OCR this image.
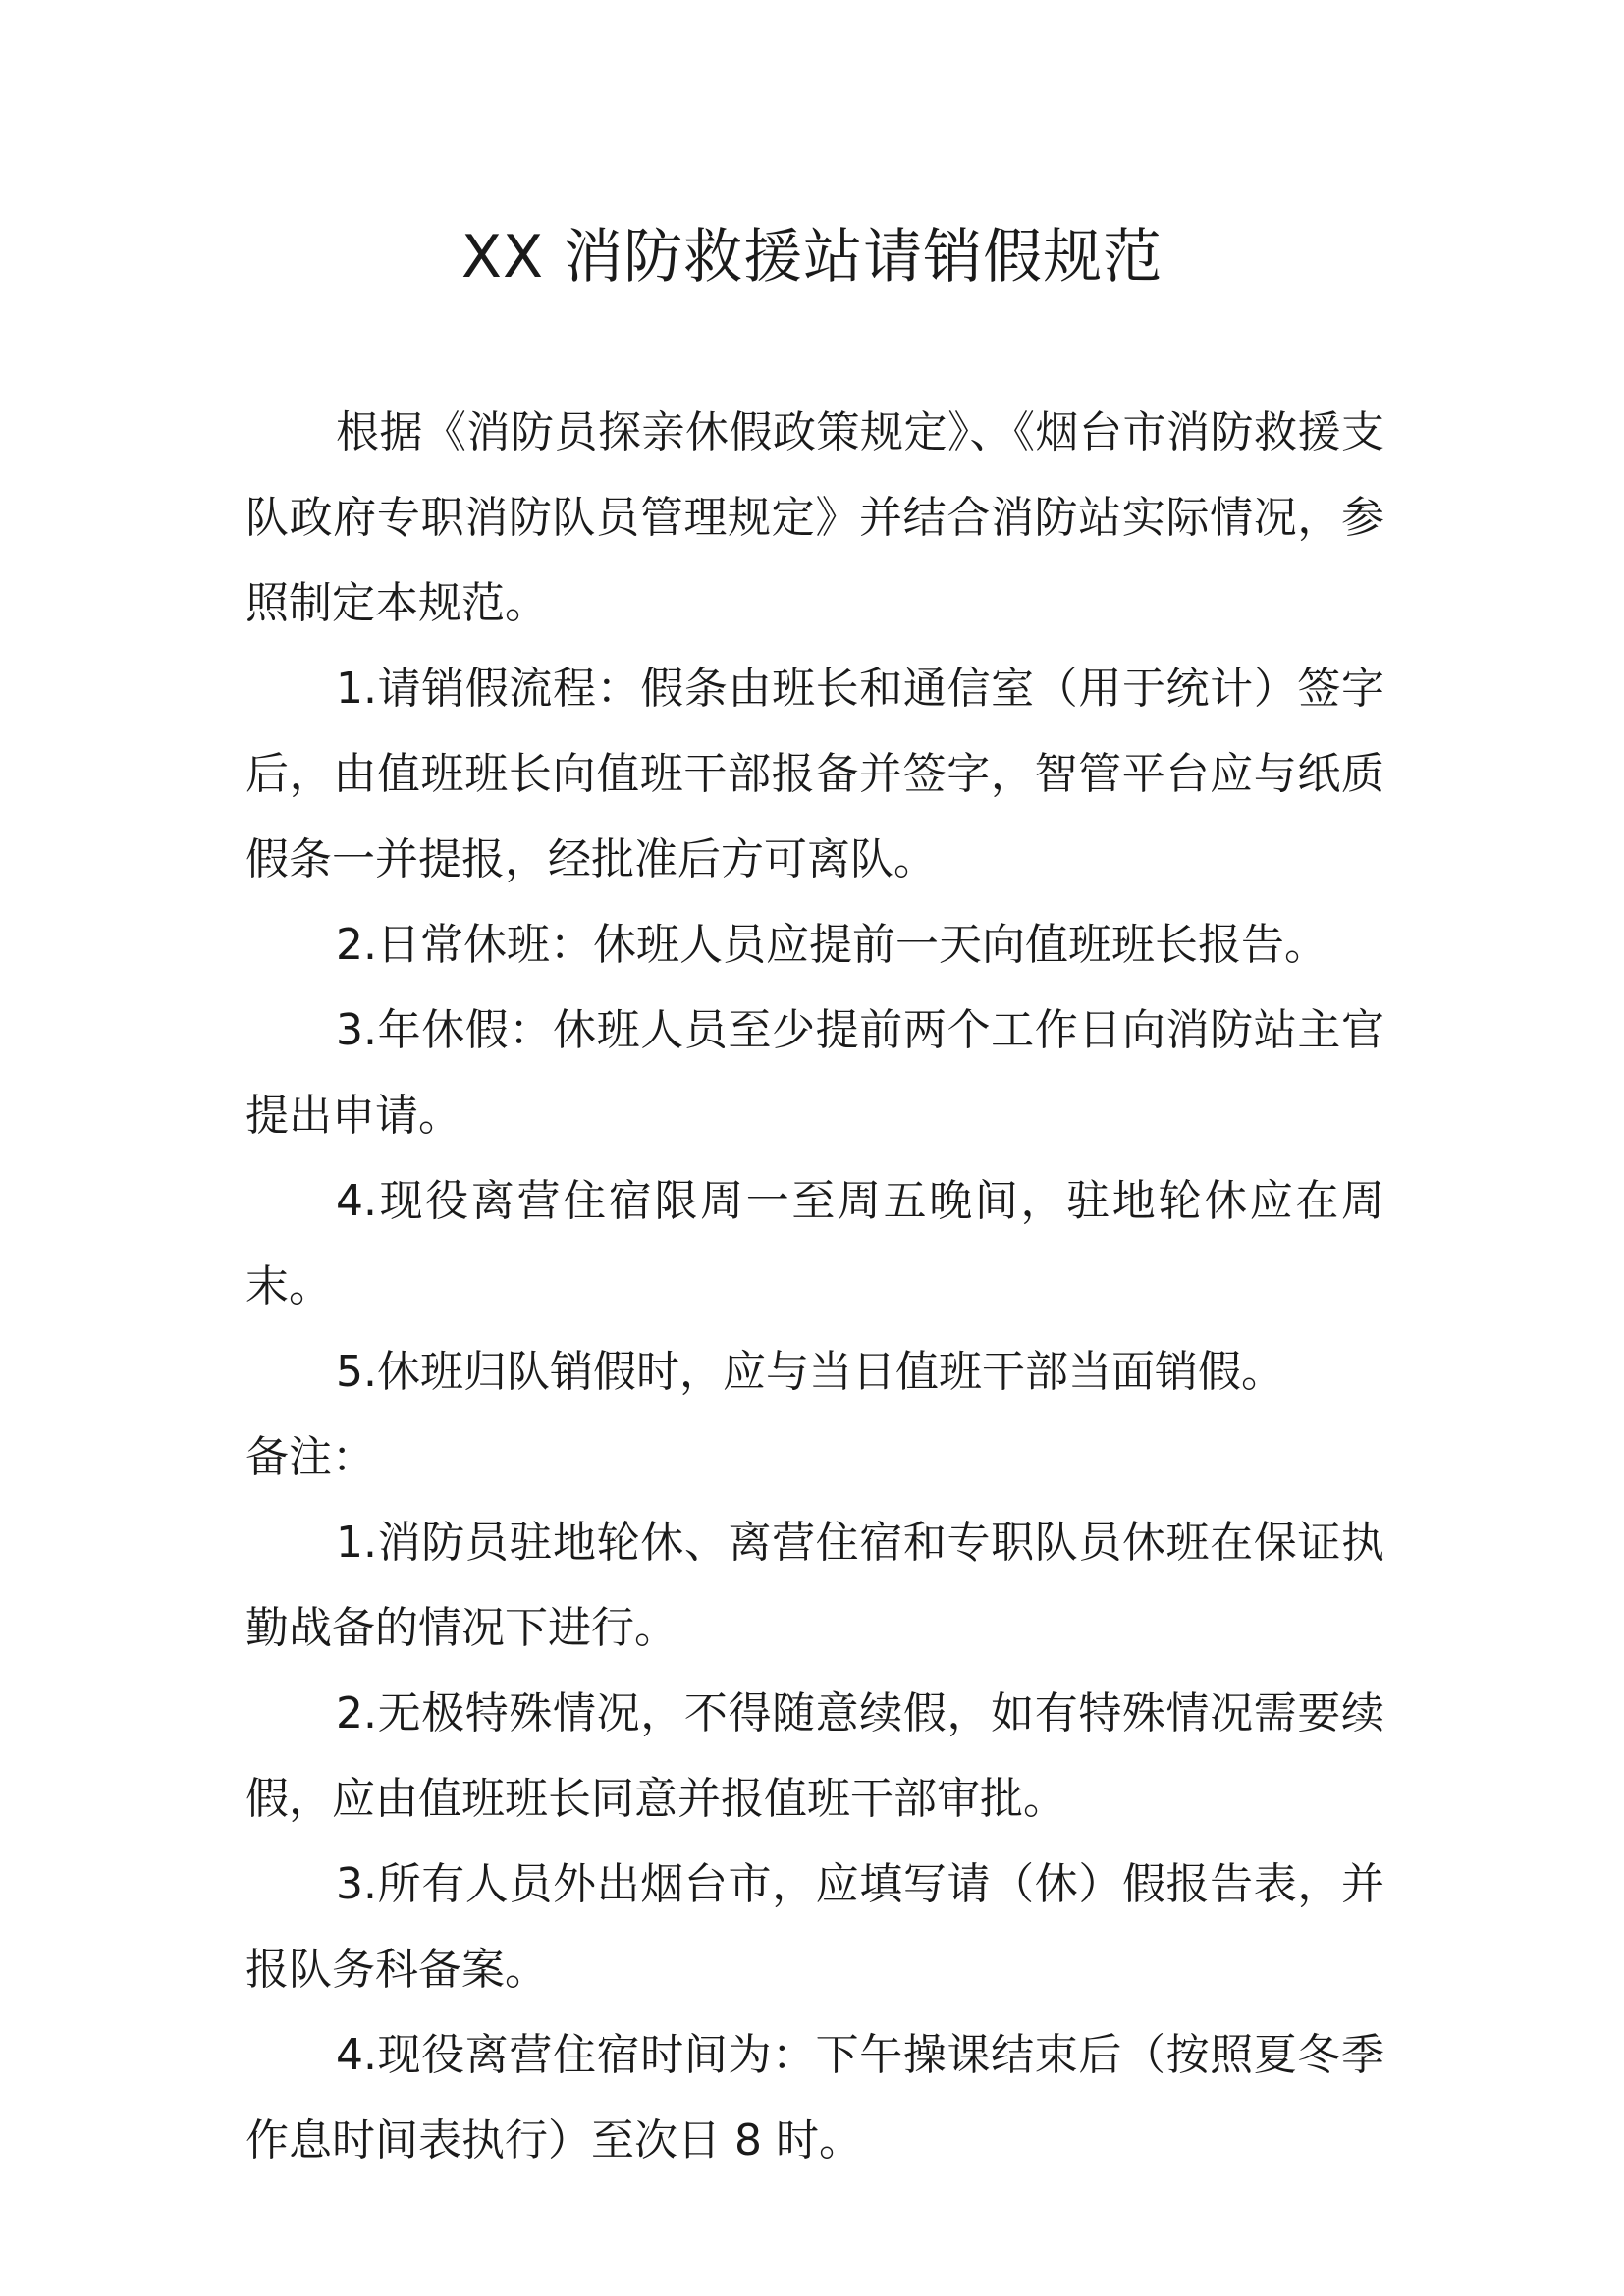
XX 消防救援站请销假规范

根据《消防员探亲休假政策规定》、《烟台市消防救援支队政府专职消防队员管理规定》并结合消防站实际情况，参照制定本规范。

1.请销假流程：假条由班长和通信室（用于统计）签字后，由值班班长向值班干部报备并签字，智管平台应与纸质假条一并提报，经批准后方可离队。

2.日常休班：休班人员应提前一天向值班班长报告。

3.年休假：休班人员至少提前两个工作日向消防站主官提出申请。

4.现役离营住宿限周一至周五晚间，驻地轮休应在周末。

5.休班归队销假时，应与当日值班干部当面销假。

备注：

1.消防员驻地轮休、离营住宿和专职队员休班在保证执勤战备的情况下进行。

2.无极特殊情况，不得随意续假，如有特殊情况需要续假，应由值班班长同意并报值班干部审批。

3.所有人员外出烟台市，应填写请（休）假报告表，并报队务科备案。

4.现役离营住宿时间为：下午操课结束后（按照夏冬季作息时间表执行）至次日 8 时。
